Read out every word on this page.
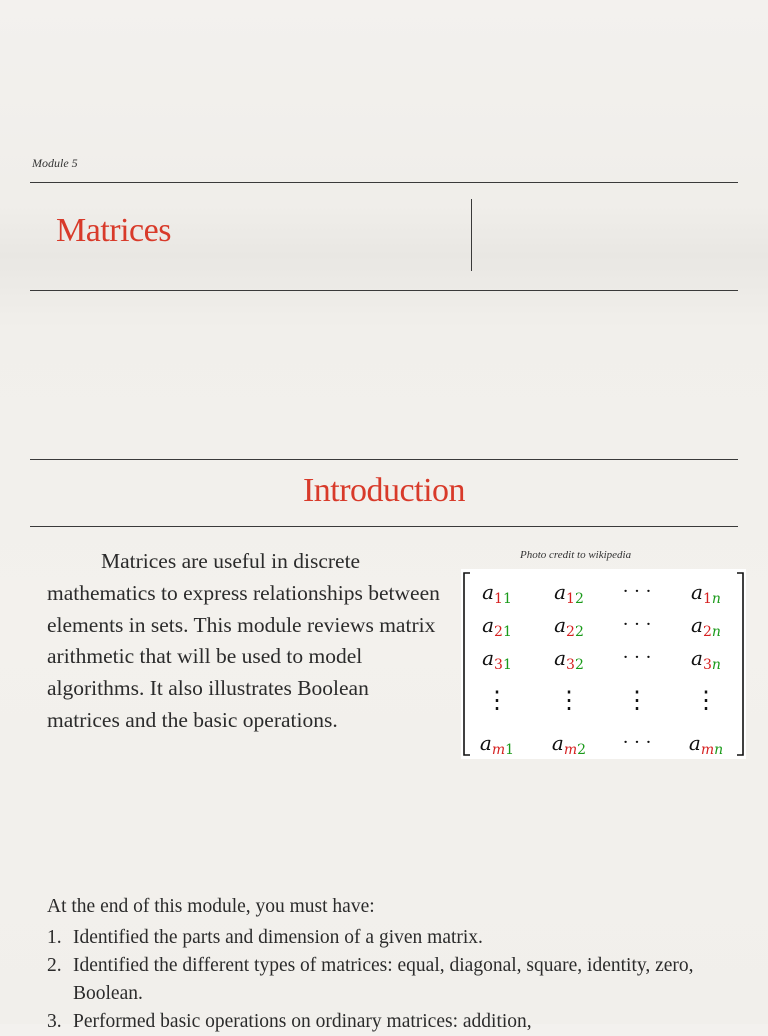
Module 5
Matrices
Introduction
Matrices are useful in discrete mathematics to express relationships between elements in sets. This module reviews matrix arithmetic that will be used to model algorithms. It also illustrates Boolean matrices and the basic operations.
Photo credit to wikipedia
$a_11$ $a_12$ · · · $a_1n$
$a_21$ $a_22$ · · · $a_2n$
$a_31$ $a_32$ · · · $a_3n$
⋮ ⋮ ⋮ ⋮
$a_m1$ $a_m2$ · · · $a_mn$
At the end of this module, you must have:
1. Identified the parts and dimension of a given matrix.
2. Identified the different types of matrices: equal, diagonal, square, identity, zero, Boolean.
3. Performed basic operations on ordinary matrices: addition,
